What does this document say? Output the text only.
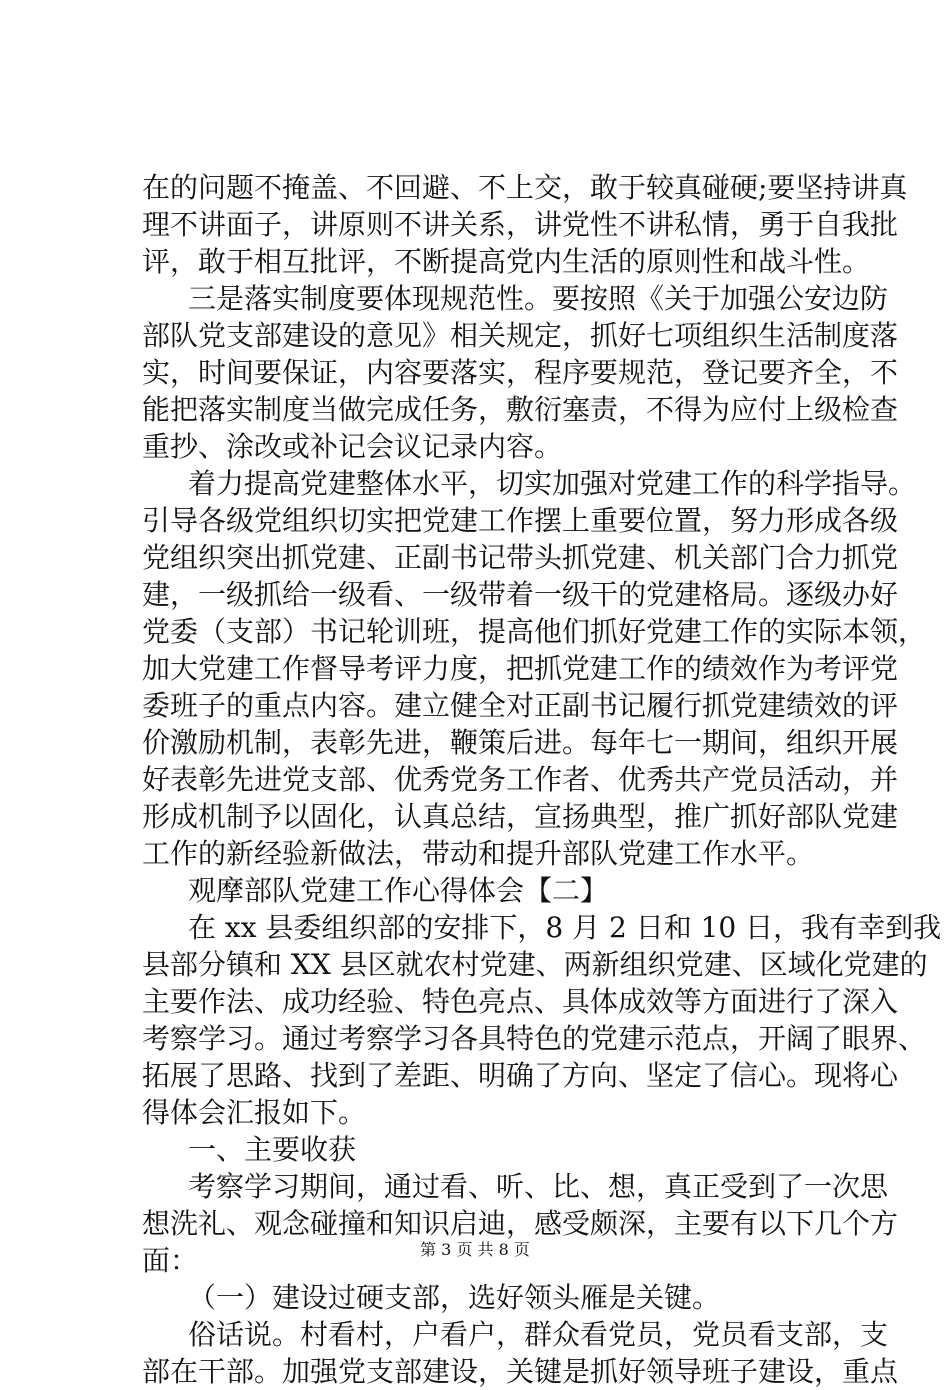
在的问题不掩盖、不回避、不上交，敢于较真碰硬;要坚持讲真
理不讲面子，讲原则不讲关系，讲党性不讲私情，勇于自我批
评，敢于相互批评，不断提高党内生活的原则性和战斗性。
三是落实制度要体现规范性。要按照《关于加强公安边防
部队党支部建设的意见》相关规定，抓好七项组织生活制度落
实，时间要保证，内容要落实，程序要规范，登记要齐全，不
能把落实制度当做完成任务，敷衍塞责，不得为应付上级检查
重抄、涂改或补记会议记录内容。
着力提高党建整体水平，切实加强对党建工作的科学指导。
引导各级党组织切实把党建工作摆上重要位置，努力形成各级
党组织突出抓党建、正副书记带头抓党建、机关部门合力抓党
建，一级抓给一级看、一级带着一级干的党建格局。逐级办好
党委（支部）书记轮训班，提高他们抓好党建工作的实际本领，
加大党建工作督导考评力度，把抓党建工作的绩效作为考评党
委班子的重点内容。建立健全对正副书记履行抓党建绩效的评
价激励机制，表彰先进，鞭策后进。每年七一期间，组织开展
好表彰先进党支部、优秀党务工作者、优秀共产党员活动，并
形成机制予以固化，认真总结，宣扬典型，推广抓好部队党建
工作的新经验新做法，带动和提升部队党建工作水平。
观摩部队党建工作心得体会【二】
在 xx 县委组织部的安排下，8 月 2 日和 10 日，我有幸到我
县部分镇和 XX 县区就农村党建、两新组织党建、区域化党建的
主要作法、成功经验、特色亮点、具体成效等方面进行了深入
考察学习。通过考察学习各具特色的党建示范点，开阔了眼界、
拓展了思路、找到了差距、明确了方向、坚定了信心。现将心
得体会汇报如下。
一、主要收获
考察学习期间，通过看、听、比、想，真正受到了一次思
想洗礼、观念碰撞和知识启迪，感受颇深，主要有以下几个方
面：
（一）建设过硬支部，选好领头雁是关键。
俗话说。村看村，户看户，群众看党员，党员看支部，支
部在干部。加强党支部建设，关键是抓好领导班子建设，重点
第 3 页 共 8 页
